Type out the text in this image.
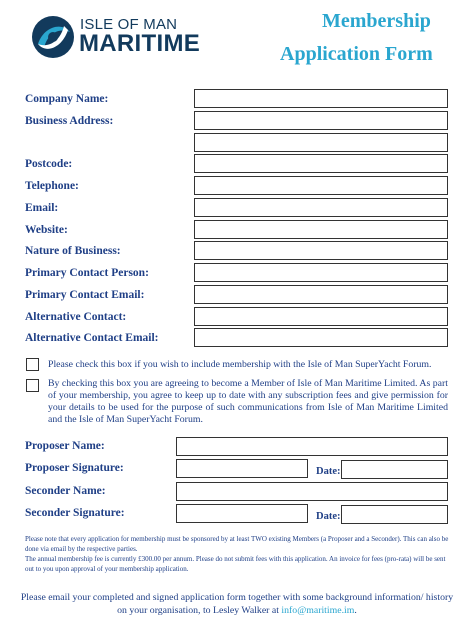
ISLE OF MAN
MARITIME
Membership
Application Form
Company Name:
Business Address:
Postcode:
Telephone:
Email:
Website:
Nature of Business:
Primary Contact Person:
Primary Contact Email:
Alternative Contact:
Alternative Contact Email:
Please check this box if you wish to include membership with the Isle of Man SuperYacht Forum.
By checking this box you are agreeing to become a Member of Isle of Man Maritime Limited. As part of your membership, you agree to keep up to date with any subscription fees and give permission for your details to be used for the purpose of such communications from Isle of Man Maritime Limited and the Isle of Man SuperYacht Forum.
Proposer Name:
Proposer Signature:	Date:
Seconder Name:
Seconder Signature:	Date:
Please note that every application for membership must be sponsored by at least TWO existing Members (a Proposer and a Seconder). This can also be done via email by the respective parties.
The annual membership fee is currently £300.00 per annum. Please do not submit fees with this application. An invoice for fees (pro-rata) will be sent out to you upon approval of your membership application.
Please email your completed and signed application form together with some background information/ history on your organisation, to Lesley Walker at info@maritime.im.
